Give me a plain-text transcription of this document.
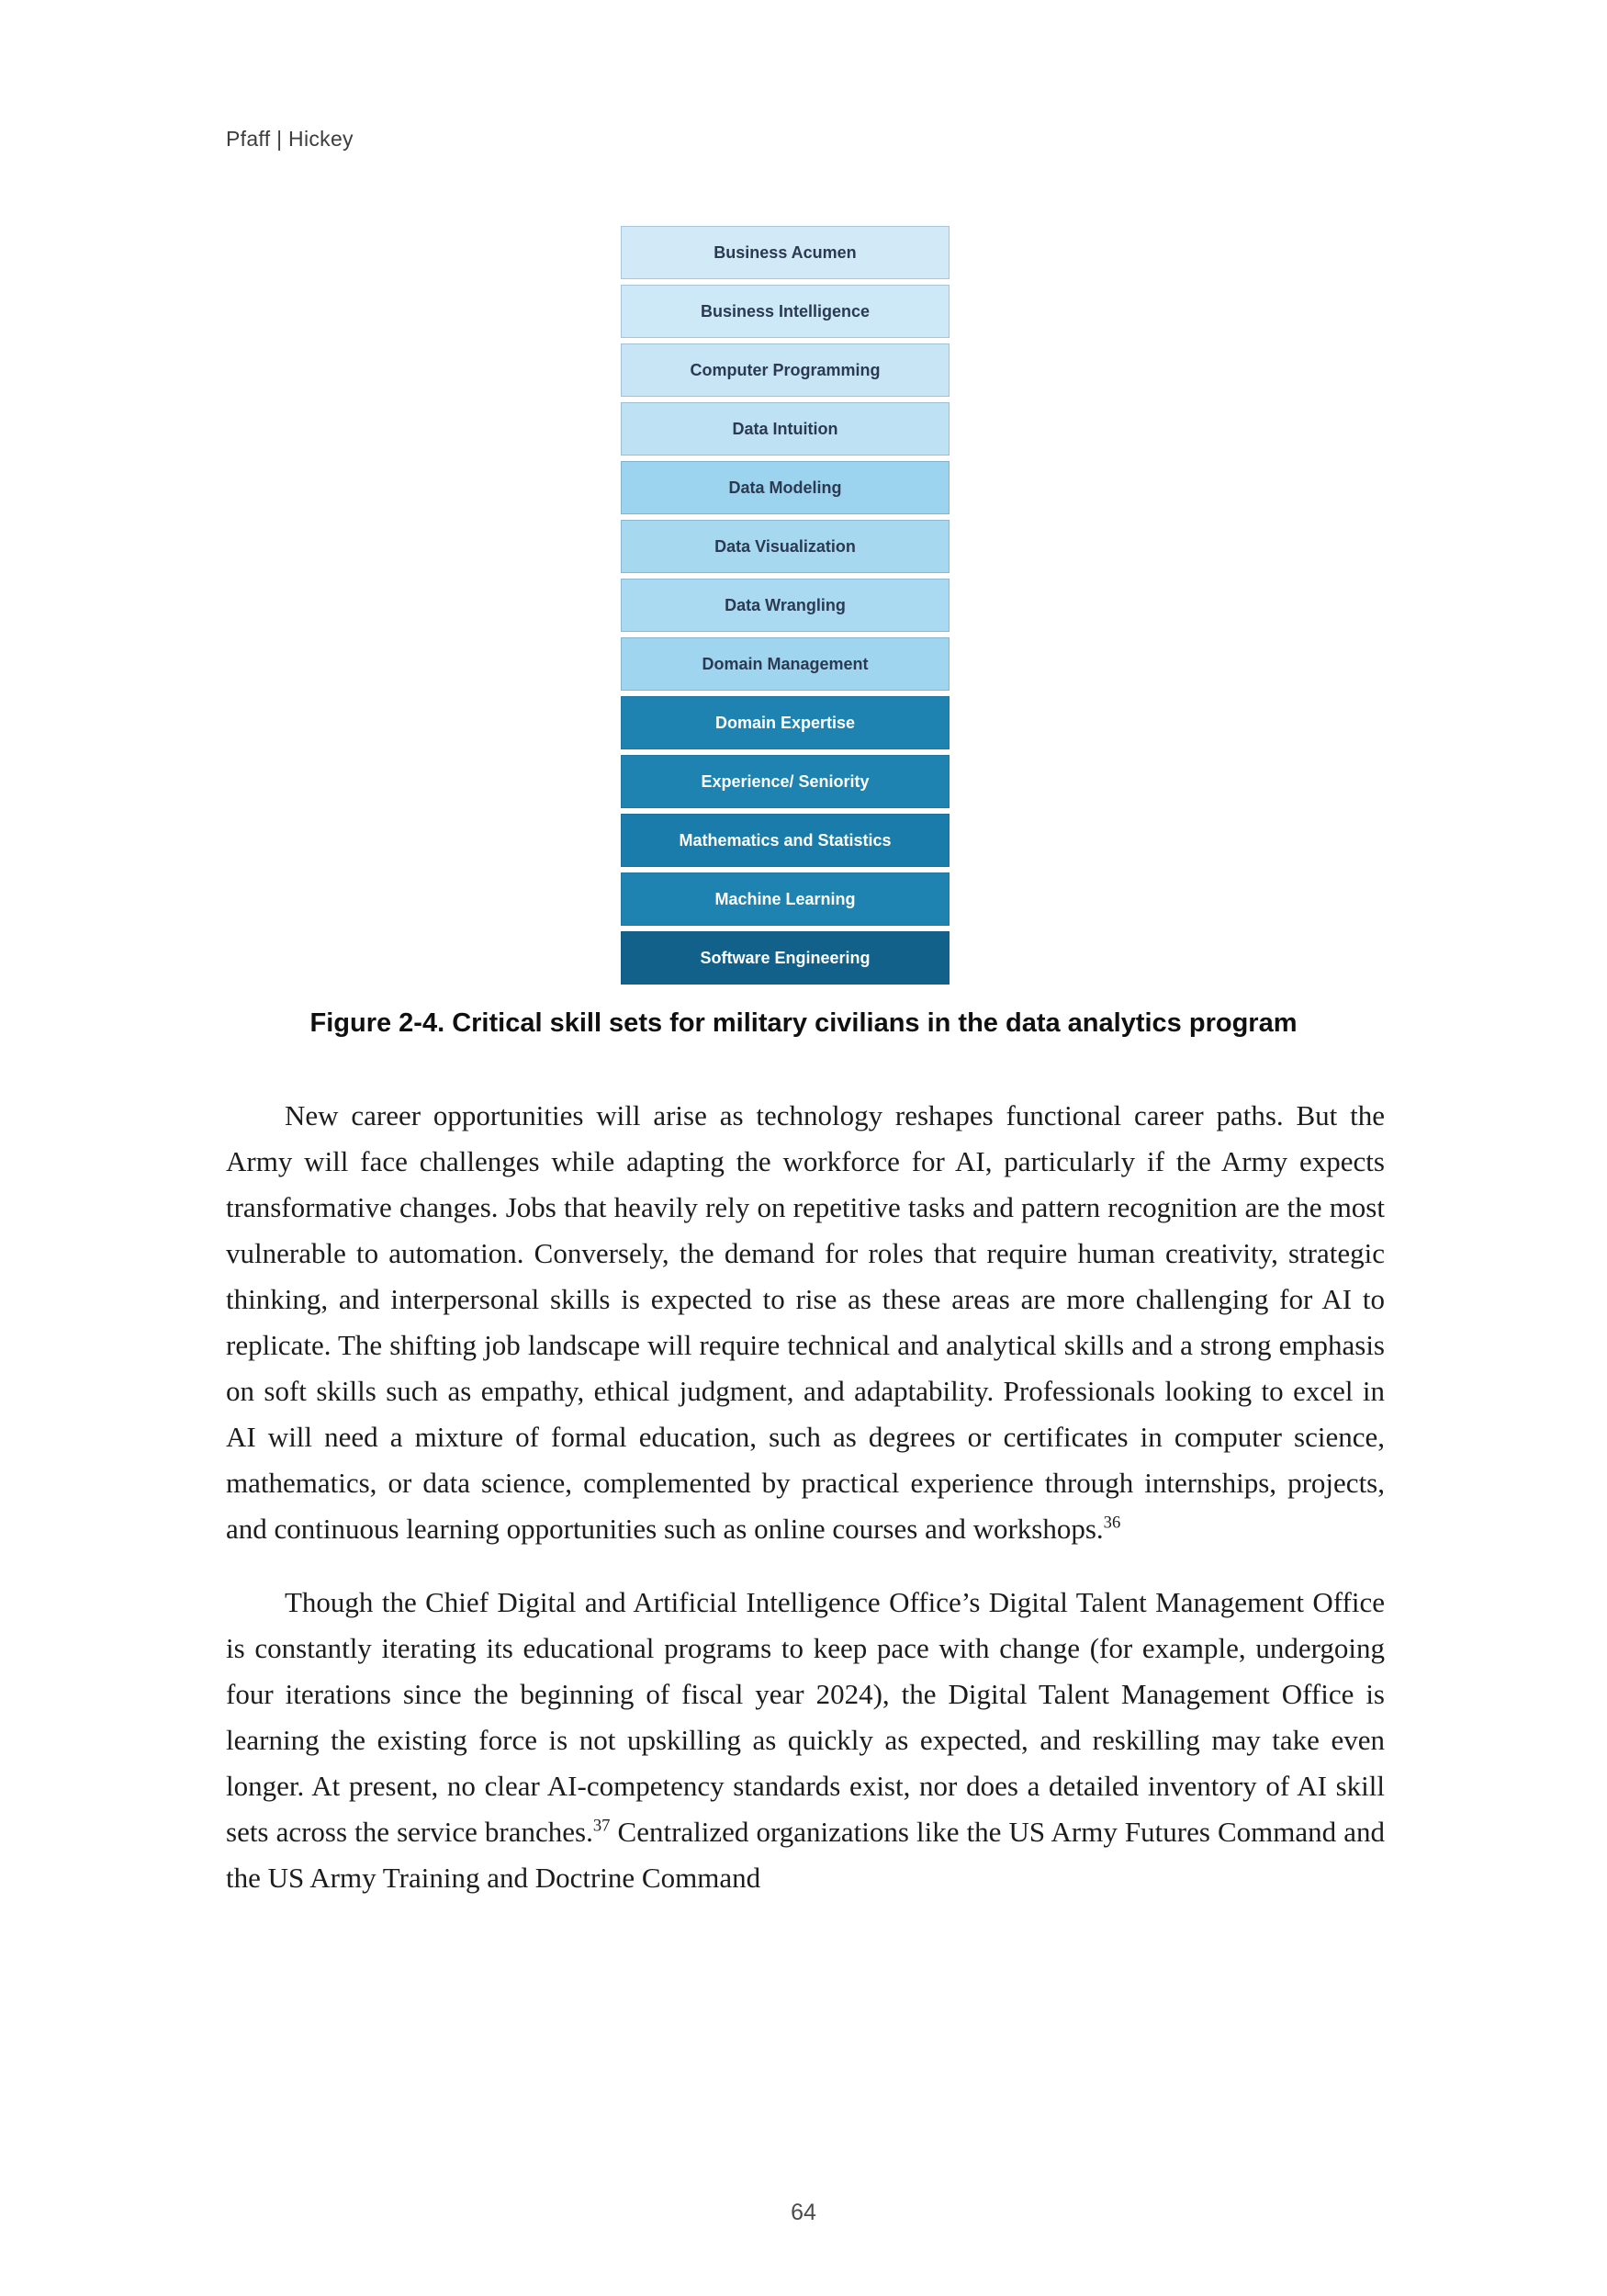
Pfaff | Hickey
Business Acumen
Business Intelligence
Computer Programming
Data Intuition
Data Modeling
Data Visualization
Data Wrangling
Domain Management
Domain Expertise
Experience/ Seniority
Mathematics and Statistics
Machine Learning
Software Engineering
Figure 2-4. Critical skill sets for military civilians in the data analytics program

New career opportunities will arise as technology reshapes functional career paths. But the Army will face challenges while adapting the workforce for AI, particularly if the Army expects transformative changes. Jobs that heavily rely on repetitive tasks and pattern recognition are the most vulnerable to automation. Conversely, the demand for roles that require human creativity, strategic thinking, and interpersonal skills is expected to rise as these areas are more challenging for AI to replicate. The shifting job landscape will require technical and analytical skills and a strong emphasis on soft skills such as empathy, ethical judgment, and adaptability. Professionals looking to excel in AI will need a mixture of formal education, such as degrees or certificates in computer science, mathematics, or data science, complemented by practical experience through internships, projects, and continuous learning opportunities such as online courses and workshops.$^{36}$

Though the Chief Digital and Artificial Intelligence Office’s Digital Talent Management Office is constantly iterating its educational programs to keep pace with change (for example, undergoing four iterations since the beginning of fiscal year 2024), the Digital Talent Management Office is learning the existing force is not upskilling as quickly as expected, and reskilling may take even longer. At present, no clear AI-competency standards exist, nor does a detailed inventory of AI skill sets across the service branches.$^{37}$ Centralized organizations like the US Army Futures Command and the US Army Training and Doctrine Command

64
